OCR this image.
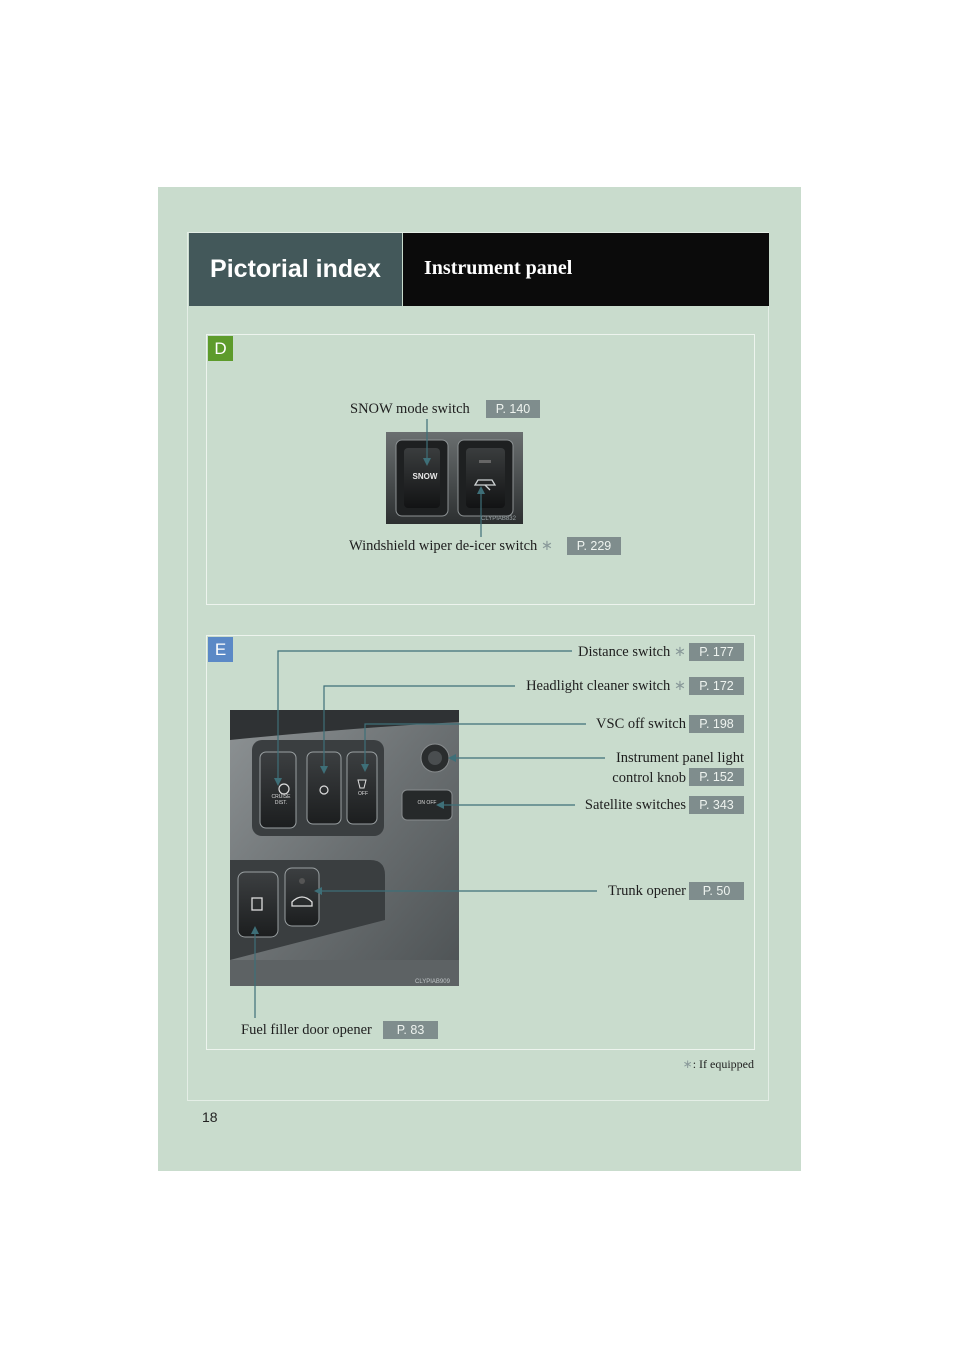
Pictorial index	Instrument panel
D
SNOW mode switch	P. 140
CLYPIAB832
SNOW
Windshield wiper de-icer switch ∗	P. 229
E
CLYPIAB909
CRUISE DIST.
OFF
ON OFF
Distance switch ∗	P. 177
Headlight cleaner switch ∗	P. 172
VSC off switch	P. 198
Instrument panel light
control knob	P. 152
Satellite switches	P. 343
Trunk opener	P. 50
Fuel filler door opener	P. 83
∗: If equipped
18
